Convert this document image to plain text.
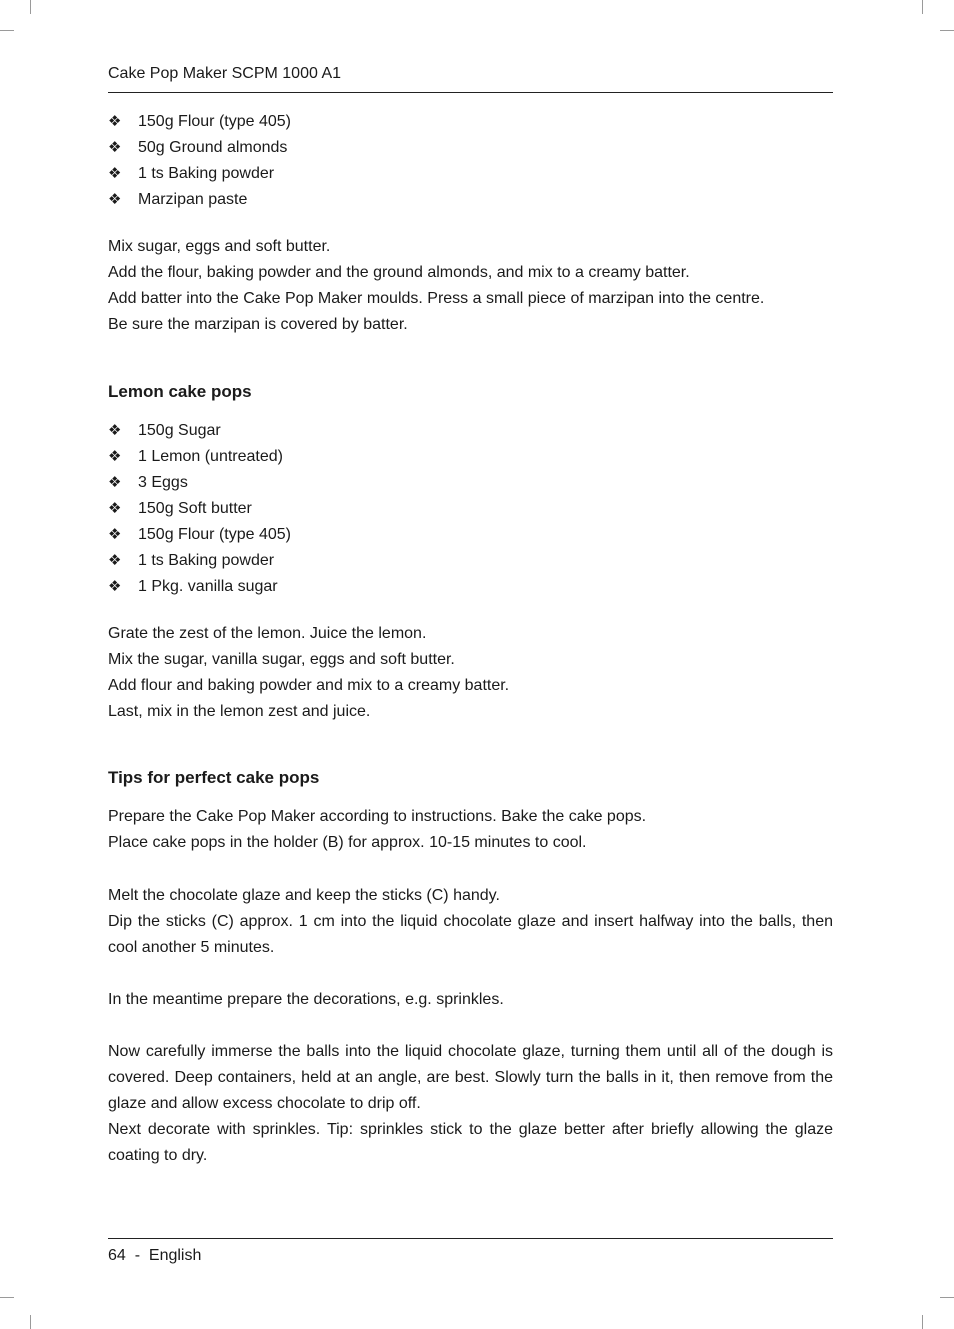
Cake Pop Maker SCPM 1000 A1
❖	150g Flour (type 405)
❖	50g Ground almonds
❖	1 ts Baking powder
❖	Marzipan paste

Mix sugar, eggs and soft butter.

Add the flour, baking powder and the ground almonds, and mix to a creamy batter.

Add batter into the Cake Pop Maker moulds. Press a small piece of marzipan into the centre.

Be sure the marzipan is covered by batter.

Lemon cake pops
❖	150g Sugar
❖	1 Lemon (untreated)
❖	3 Eggs
❖	150g Soft butter
❖	150g Flour (type 405)
❖	1 ts Baking powder
❖	1 Pkg. vanilla sugar

Grate the zest of the lemon. Juice the lemon.

Mix the sugar, vanilla sugar, eggs and soft butter.

Add flour and baking powder and mix to a creamy batter.

Last, mix in the lemon zest and juice.

Tips for perfect cake pops

Prepare the Cake Pop Maker according to instructions. Bake the cake pops.

Place cake pops in the holder (B) for approx. 10-15 minutes to cool.

Melt the chocolate glaze and keep the sticks (C) handy.

Dip the sticks (C) approx. 1 cm into the liquid chocolate glaze and insert halfway into the balls, then cool another 5 minutes.

In the meantime prepare the decorations, e.g. sprinkles.

Now carefully immerse the balls into the liquid chocolate glaze, turning them until all of the dough is covered. Deep containers, held at an angle, are best. Slowly turn the balls in it, then remove from the glaze and allow excess chocolate to drip off.

Next decorate with sprinkles. Tip: sprinkles stick to the glaze better after briefly allowing the glaze coating to dry.

64  -  English
